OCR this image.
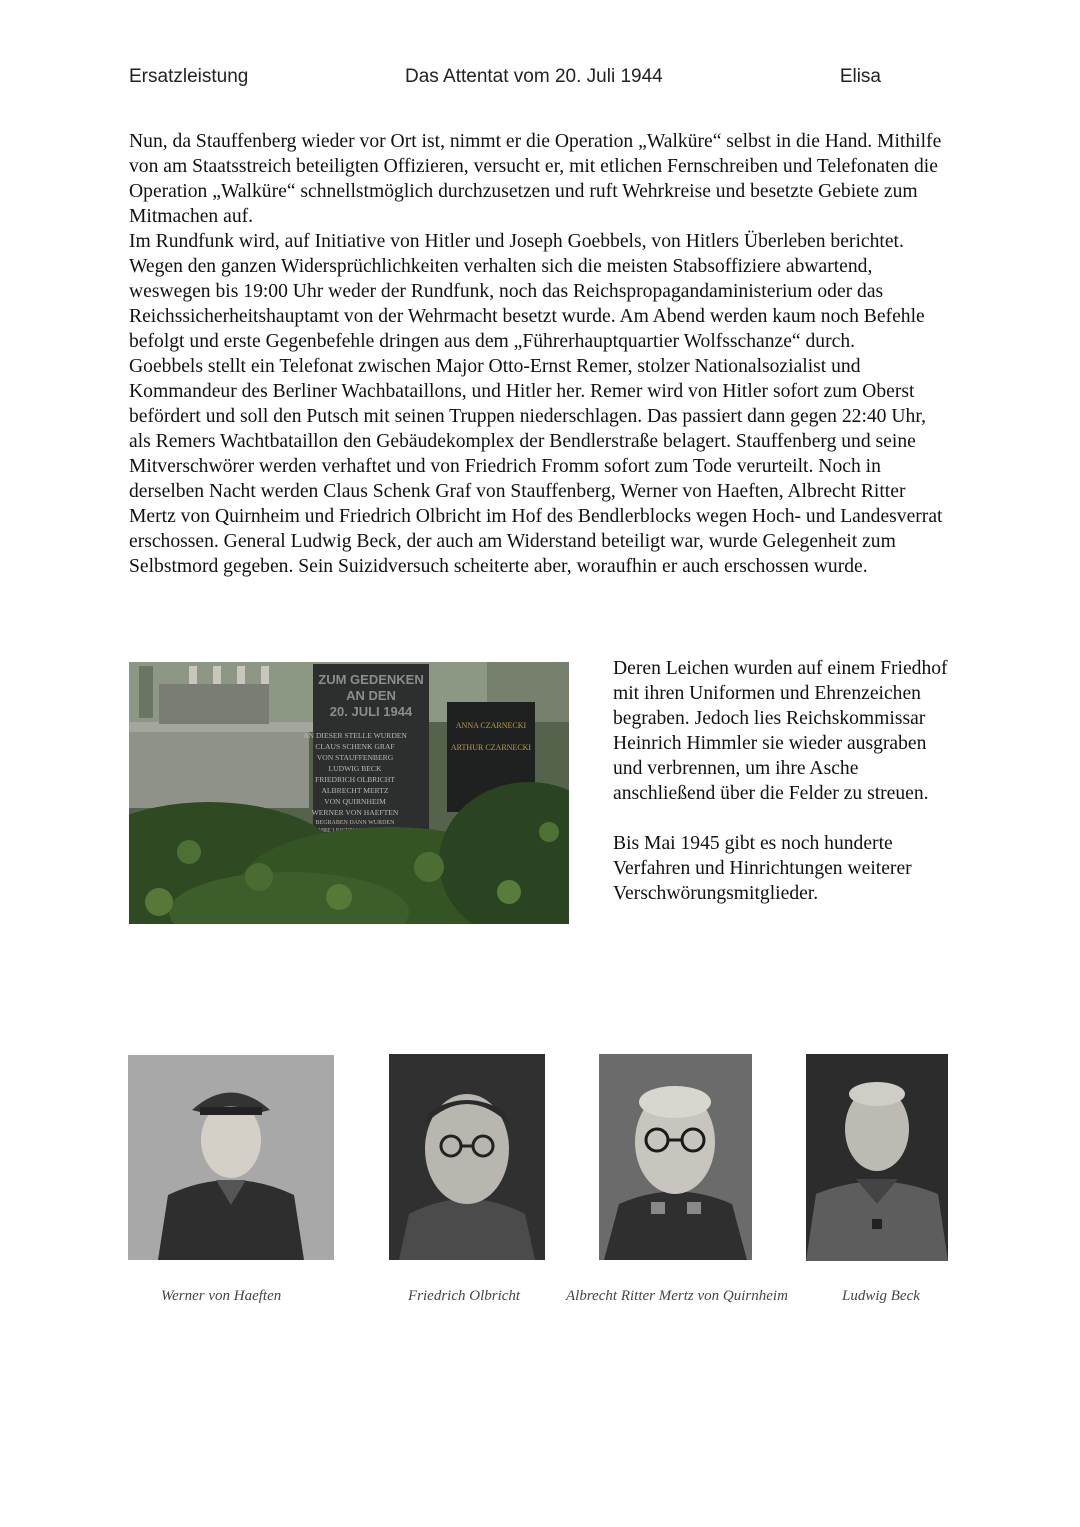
Ersatzleistung	Das Attentat vom 20. Juli 1944	Elisa

Nun, da Stauffenberg wieder vor Ort ist, nimmt er die Operation „Walküre“ selbst in die Hand. Mithilfe von am Staatsstreich beteiligten Offizieren, versucht er, mit etlichen Fernschreiben und Telefonaten die Operation „Walküre“ schnellstmöglich durchzusetzen und ruft Wehrkreise und besetzte Gebiete zum Mitmachen auf.

Im Rundfunk wird, auf Initiative von Hitler und Joseph Goebbels, von Hitlers Überleben berichtet. Wegen den ganzen Widersprüchlichkeiten verhalten sich die meisten Stabsoffiziere abwartend, weswegen bis 19:00 Uhr weder der Rundfunk, noch das Reichspropagandaministerium oder das Reichssicherheitshauptamt von der Wehrmacht besetzt wurde. Am Abend werden kaum noch Befehle befolgt und erste Gegenbefehle dringen aus dem „Führerhauptquartier Wolfsschanze“ durch.

Goebbels stellt ein Telefonat zwischen Major Otto-Ernst Remer, stolzer Nationalsozialist und Kommandeur des Berliner Wachbataillons, und Hitler her. Remer wird von Hitler sofort zum Oberst befördert und soll den Putsch mit seinen Truppen niederschlagen. Das passiert dann gegen 22:40 Uhr, als Remers Wachtbataillon den Gebäudekomplex der Bendlerstraße belagert. Stauffenberg und seine Mitverschwörer werden verhaftet und von Friedrich Fromm sofort zum Tode verurteilt. Noch in derselben Nacht werden Claus Schenk Graf von Stauffenberg, Werner von Haeften, Albrecht Ritter Mertz von Quirnheim und Friedrich Olbricht im Hof des Bendlerblocks wegen Hoch- und Landesverrat erschossen. General Ludwig Beck, der auch am Widerstand beteiligt war, wurde Gelegenheit zum Selbstmord gegeben. Sein Suizidversuch scheiterte aber, woraufhin er auch erschossen wurde.

ZUM GEDENKEN
AN DEN
20. JULI 1944
AN DIESER STELLE WURDEN
CLAUS SCHENK GRAF
VON STAUFFENBERG
LUDWIG BECK
FRIEDRICH OLBRICHT
ALBRECHT MERTZ
VON QUIRNHEIM
WERNER VON HAEFTEN
BEGRABEN DANN WURDEN
ANNA CZARNECKI
ARTHUR CZARNECKI

Deren Leichen wurden auf einem Friedhof mit ihren Uniformen und Ehrenzeichen begraben. Jedoch lies Reichskommissar Heinrich Himmler sie wieder ausgraben und verbrennen, um ihre Asche anschließend über die Felder zu streuen.

Bis Mai 1945 gibt es noch hunderte Verfahren und Hinrichtungen weiterer Verschwörungsmitglieder.

Werner von Haeften	Friedrich Olbricht	Albrecht Ritter Mertz von Quirnheim	Ludwig Beck
